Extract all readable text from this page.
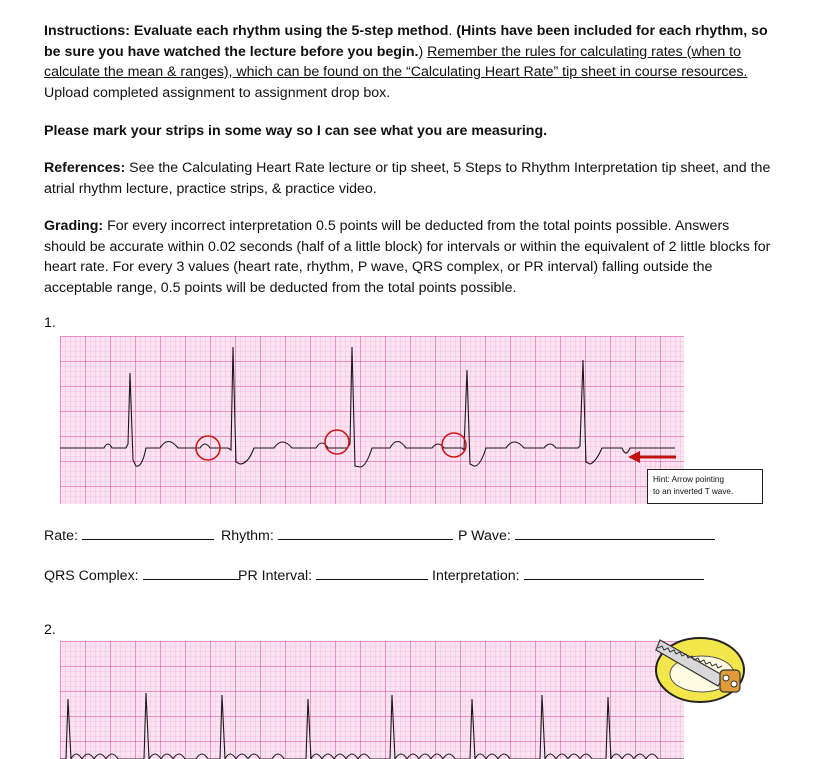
Instructions: Evaluate each rhythm using the 5-step method. (Hints have been included for each rhythm, so be sure you have watched the lecture before you begin.) Remember the rules for calculating rates (when to calculate the mean & ranges), which can be found on the “Calculating Heart Rate” tip sheet in course resources. Upload completed assignment to assignment drop box.
Please mark your strips in some way so I can see what you are measuring.
References: See the Calculating Heart Rate lecture or tip sheet, 5 Steps to Rhythm Interpretation tip sheet, and the atrial rhythm lecture, practice strips, & practice video.
Grading: For every incorrect interpretation 0.5 points will be deducted from the total points possible. Answers should be accurate within 0.02 seconds (half of a little block) for intervals or within the equivalent of 2 little blocks for heart rate. For every 3 values (heart rate, rhythm, P wave, QRS complex, or PR interval) falling outside the acceptable range, 0.5 points will be deducted from the total points possible.
1.
Hint: Arrow pointing
to an inverted T wave.
Rate:	Rhythm:	P Wave:
QRS Complex:	PR Interval:	Interpretation:
2.
